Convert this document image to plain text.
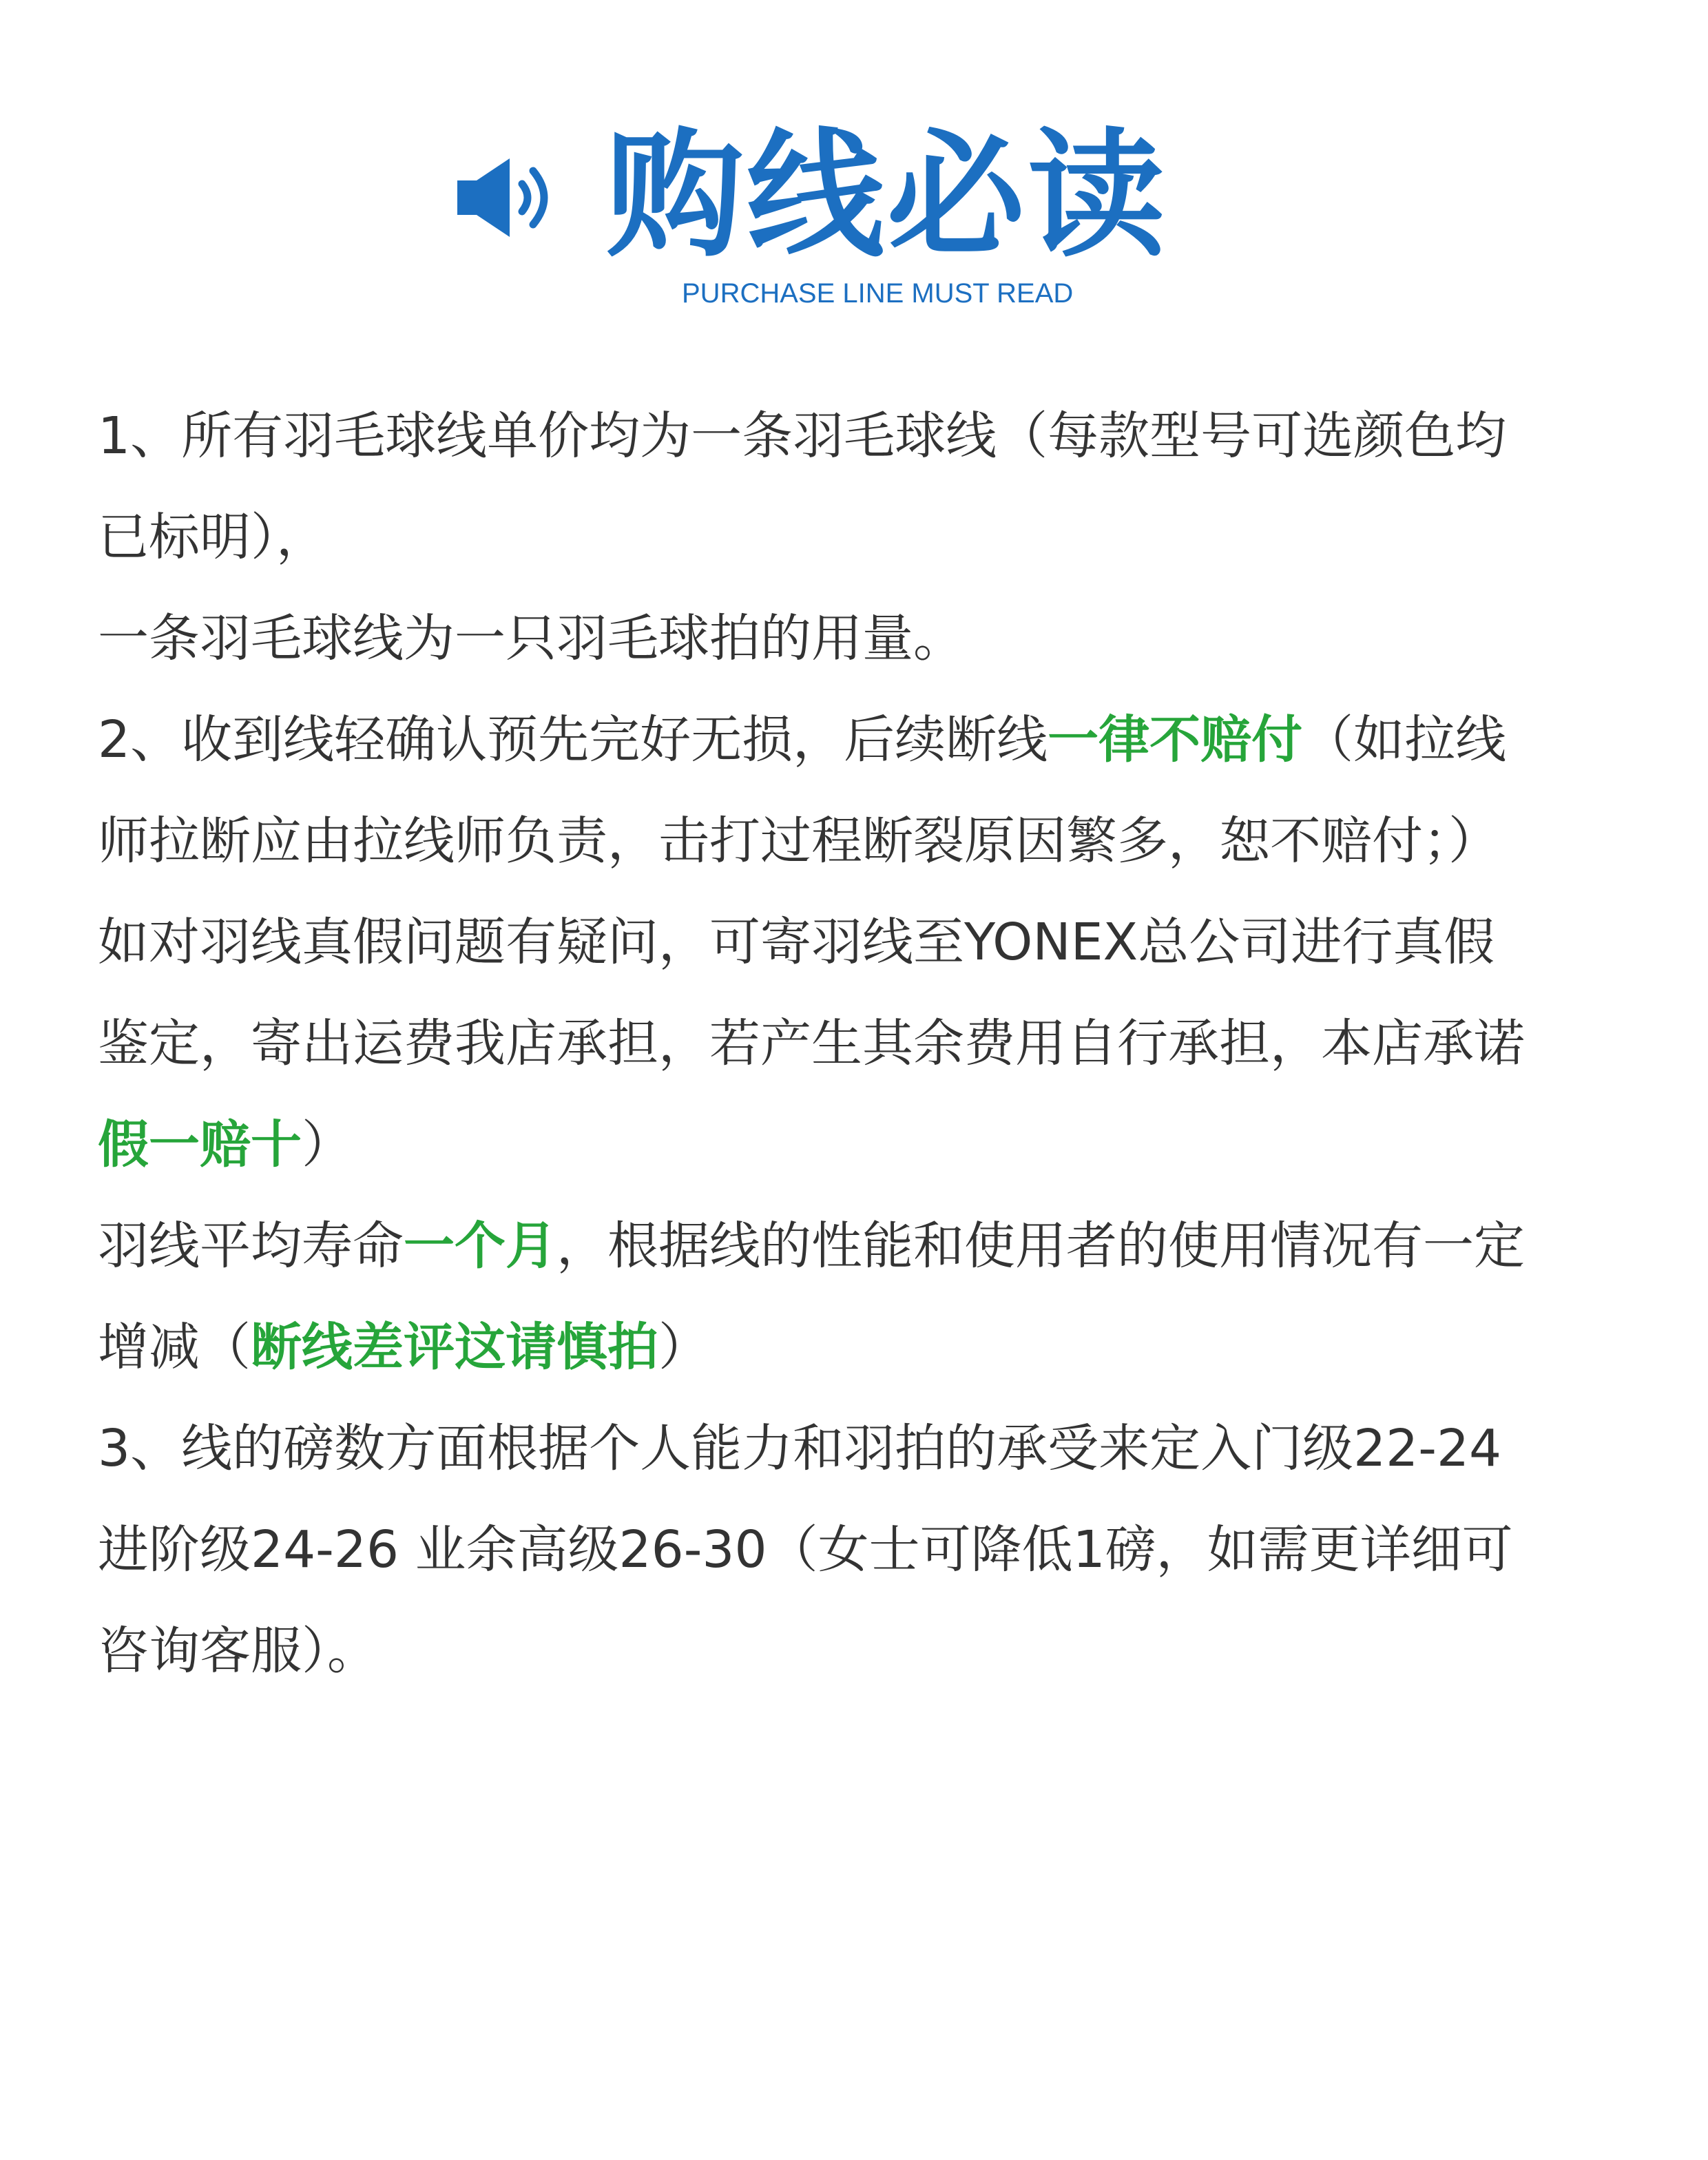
购线必读
PURCHASE LINE MUST READ
1、所有羽毛球线单价均为一条羽毛球线（每款型号可选颜色均
已标明），
一条羽毛球线为一只羽毛球拍的用量。
2、收到线轻确认预先完好无损，后续断线一律不赔付（如拉线
师拉断应由拉线师负责，击打过程断裂原因繁多，恕不赔付；）
如对羽线真假问题有疑问，可寄羽线至YONEX总公司进行真假
鉴定，寄出运费我店承担，若产生其余费用自行承担，本店承诺
假一赔十）
羽线平均寿命一个月，根据线的性能和使用者的使用情况有一定
增减（断线差评这请慎拍）
3、线的磅数方面根据个人能力和羽拍的承受来定入门级22-24
进阶级24-26 业余高级26-30（女士可降低1磅，如需更详细可
咨询客服）。
